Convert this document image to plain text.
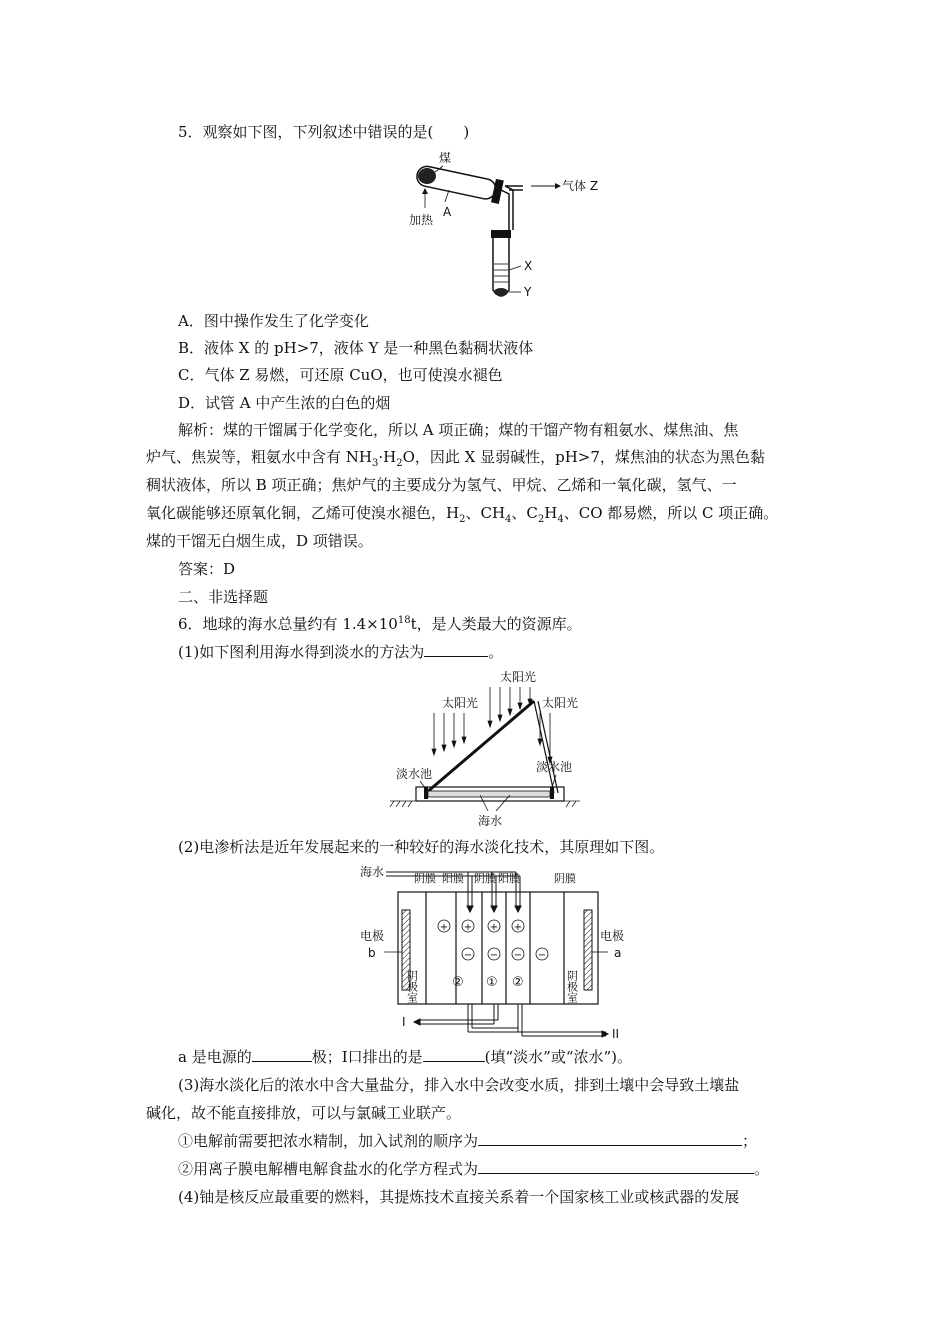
5．观察如下图，下列叙述中错误的是(　　)
煤
气体 Z
加热
A
X
Y
A．图中操作发生了化学变化
B．液体 X 的 pH>7，液体 Y 是一种黑色黏稠状液体
C．气体 Z 易燃，可还原 CuO，也可使溴水褪色
D．试管 A 中产生浓的白色的烟
解析：煤的干馏属于化学变化，所以 A 项正确；煤的干馏产物有粗氨水、煤焦油、焦
炉气、焦炭等，粗氨水中含有 $NH_3\cdot H_2O$，因此 X 显弱碱性，pH>7，煤焦油的状态为黑色黏
稠状液体，所以 B 项正确；焦炉气的主要成分为氢气、甲烷、乙烯和一氧化碳，氢气、一
氧化碳能够还原氧化铜，乙烯可使溴水褪色，$H_2$、$CH_4$、$C_2H_4$、CO 都易燃，所以 C 项正确。
煤的干馏无白烟生成，D 项错误。
答案：D
二、非选择题
6．地球的海水总量约有 $1.4\times 10^{18}t$，是人类最大的资源库。
(1)如下图利用海水得到淡水的方法为	。
太阳光
太阳光	太阳光
淡水池	淡水池
海水
(2)电渗析法是近年发展起来的一种较好的海水淡化技术，其原理如下图。
海水	阴膜 阳膜 阴膜 阳膜	阴膜
+ + + +
− − − −
② ① ②
电极
b
电极
a
阴极室	阴极室
I
II
a 是电源的	极；Ⅰ口排出的是	(填“淡水”或“浓水”)。
(3)海水淡化后的浓水中含大量盐分，排入水中会改变水质，排到土壤中会导致土壤盐
碱化，故不能直接排放，可以与氯碱工业联产。
①电解前需要把浓水精制，加入试剂的顺序为	；
②用离子膜电解槽电解食盐水的化学方程式为	。
(4)铀是核反应最重要的燃料，其提炼技术直接关系着一个国家核工业或核武器的发展
